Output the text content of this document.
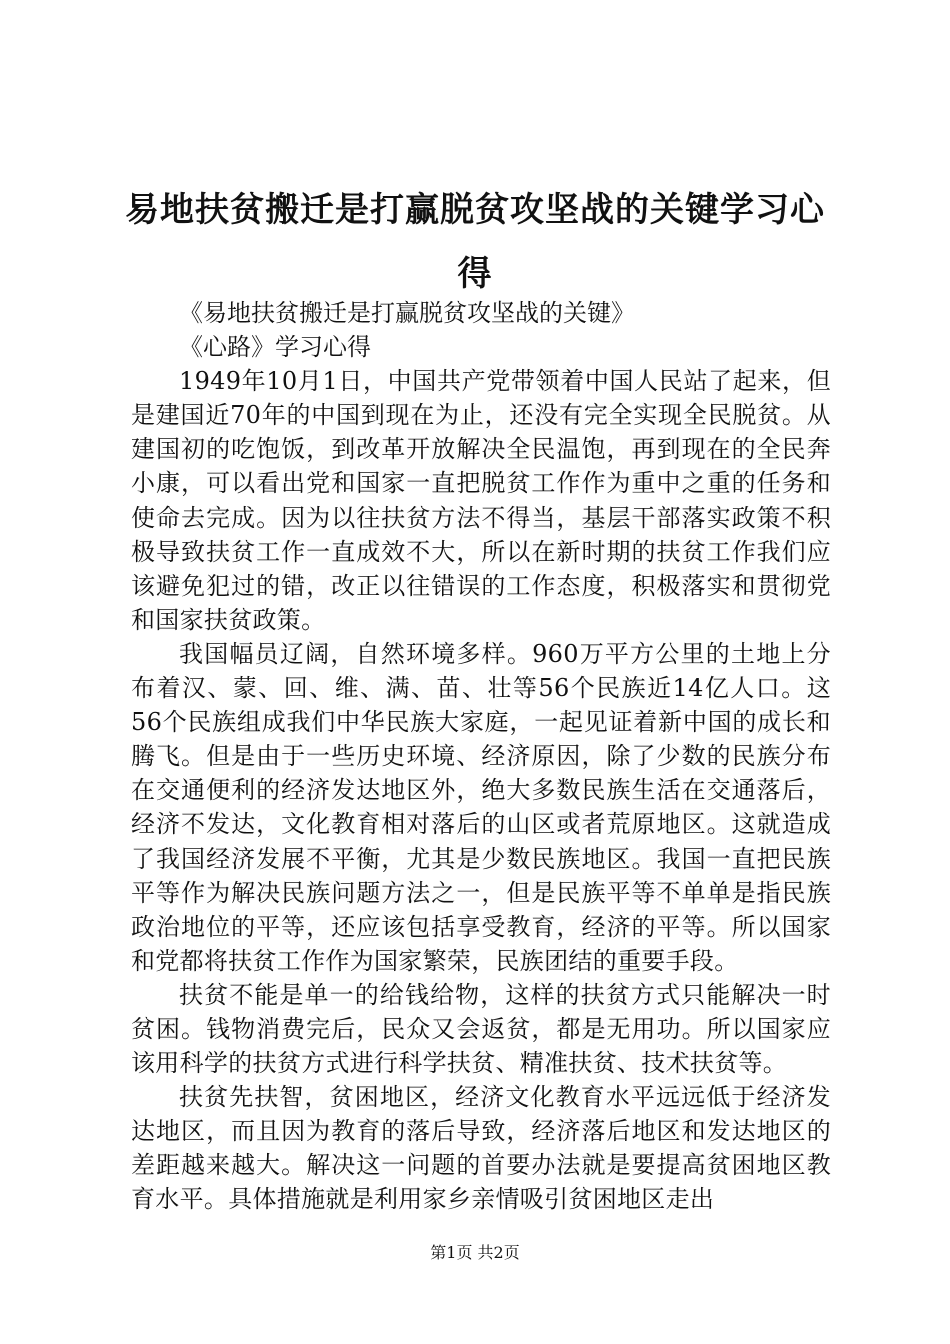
易地扶贫搬迁是打赢脱贫攻坚战的关键学习心得

《易地扶贫搬迁是打赢脱贫攻坚战的关键》

《心路》学习心得

1949年10月1日，中国共产党带领着中国人民站了起来，但是建国近70年的中国到现在为止，还没有完全实现全民脱贫。从建国初的吃饱饭，到改革开放解决全民温饱，再到现在的全民奔小康，可以看出党和国家一直把脱贫工作作为重中之重的任务和使命去完成。因为以往扶贫方法不得当，基层干部落实政策不积极导致扶贫工作一直成效不大，所以在新时期的扶贫工作我们应该避免犯过的错，改正以往错误的工作态度，积极落实和贯彻党和国家扶贫政策。

我国幅员辽阔，自然环境多样。960万平方公里的土地上分布着汉、蒙、回、维、满、苗、壮等56个民族近14亿人口。这56个民族组成我们中华民族大家庭，一起见证着新中国的成长和腾飞。但是由于一些历史环境、经济原因，除了少数的民族分布在交通便利的经济发达地区外，绝大多数民族生活在交通落后，经济不发达，文化教育相对落后的山区或者荒原地区。这就造成了我国经济发展不平衡，尤其是少数民族地区。我国一直把民族平等作为解决民族问题方法之一，但是民族平等不单单是指民族政治地位的平等，还应该包括享受教育，经济的平等。所以国家和党都将扶贫工作作为国家繁荣，民族团结的重要手段。

扶贫不能是单一的给钱给物，这样的扶贫方式只能解决一时贫困。钱物消费完后，民众又会返贫，都是无用功。所以国家应该用科学的扶贫方式进行科学扶贫、精准扶贫、技术扶贫等。

扶贫先扶智，贫困地区，经济文化教育水平远远低于经济发达地区，而且因为教育的落后导致，经济落后地区和发达地区的差距越来越大。解决这一问题的首要办法就是要提高贫困地区教育水平。具体措施就是利用家乡亲情吸引贫困地区走出

第1页 共2页
